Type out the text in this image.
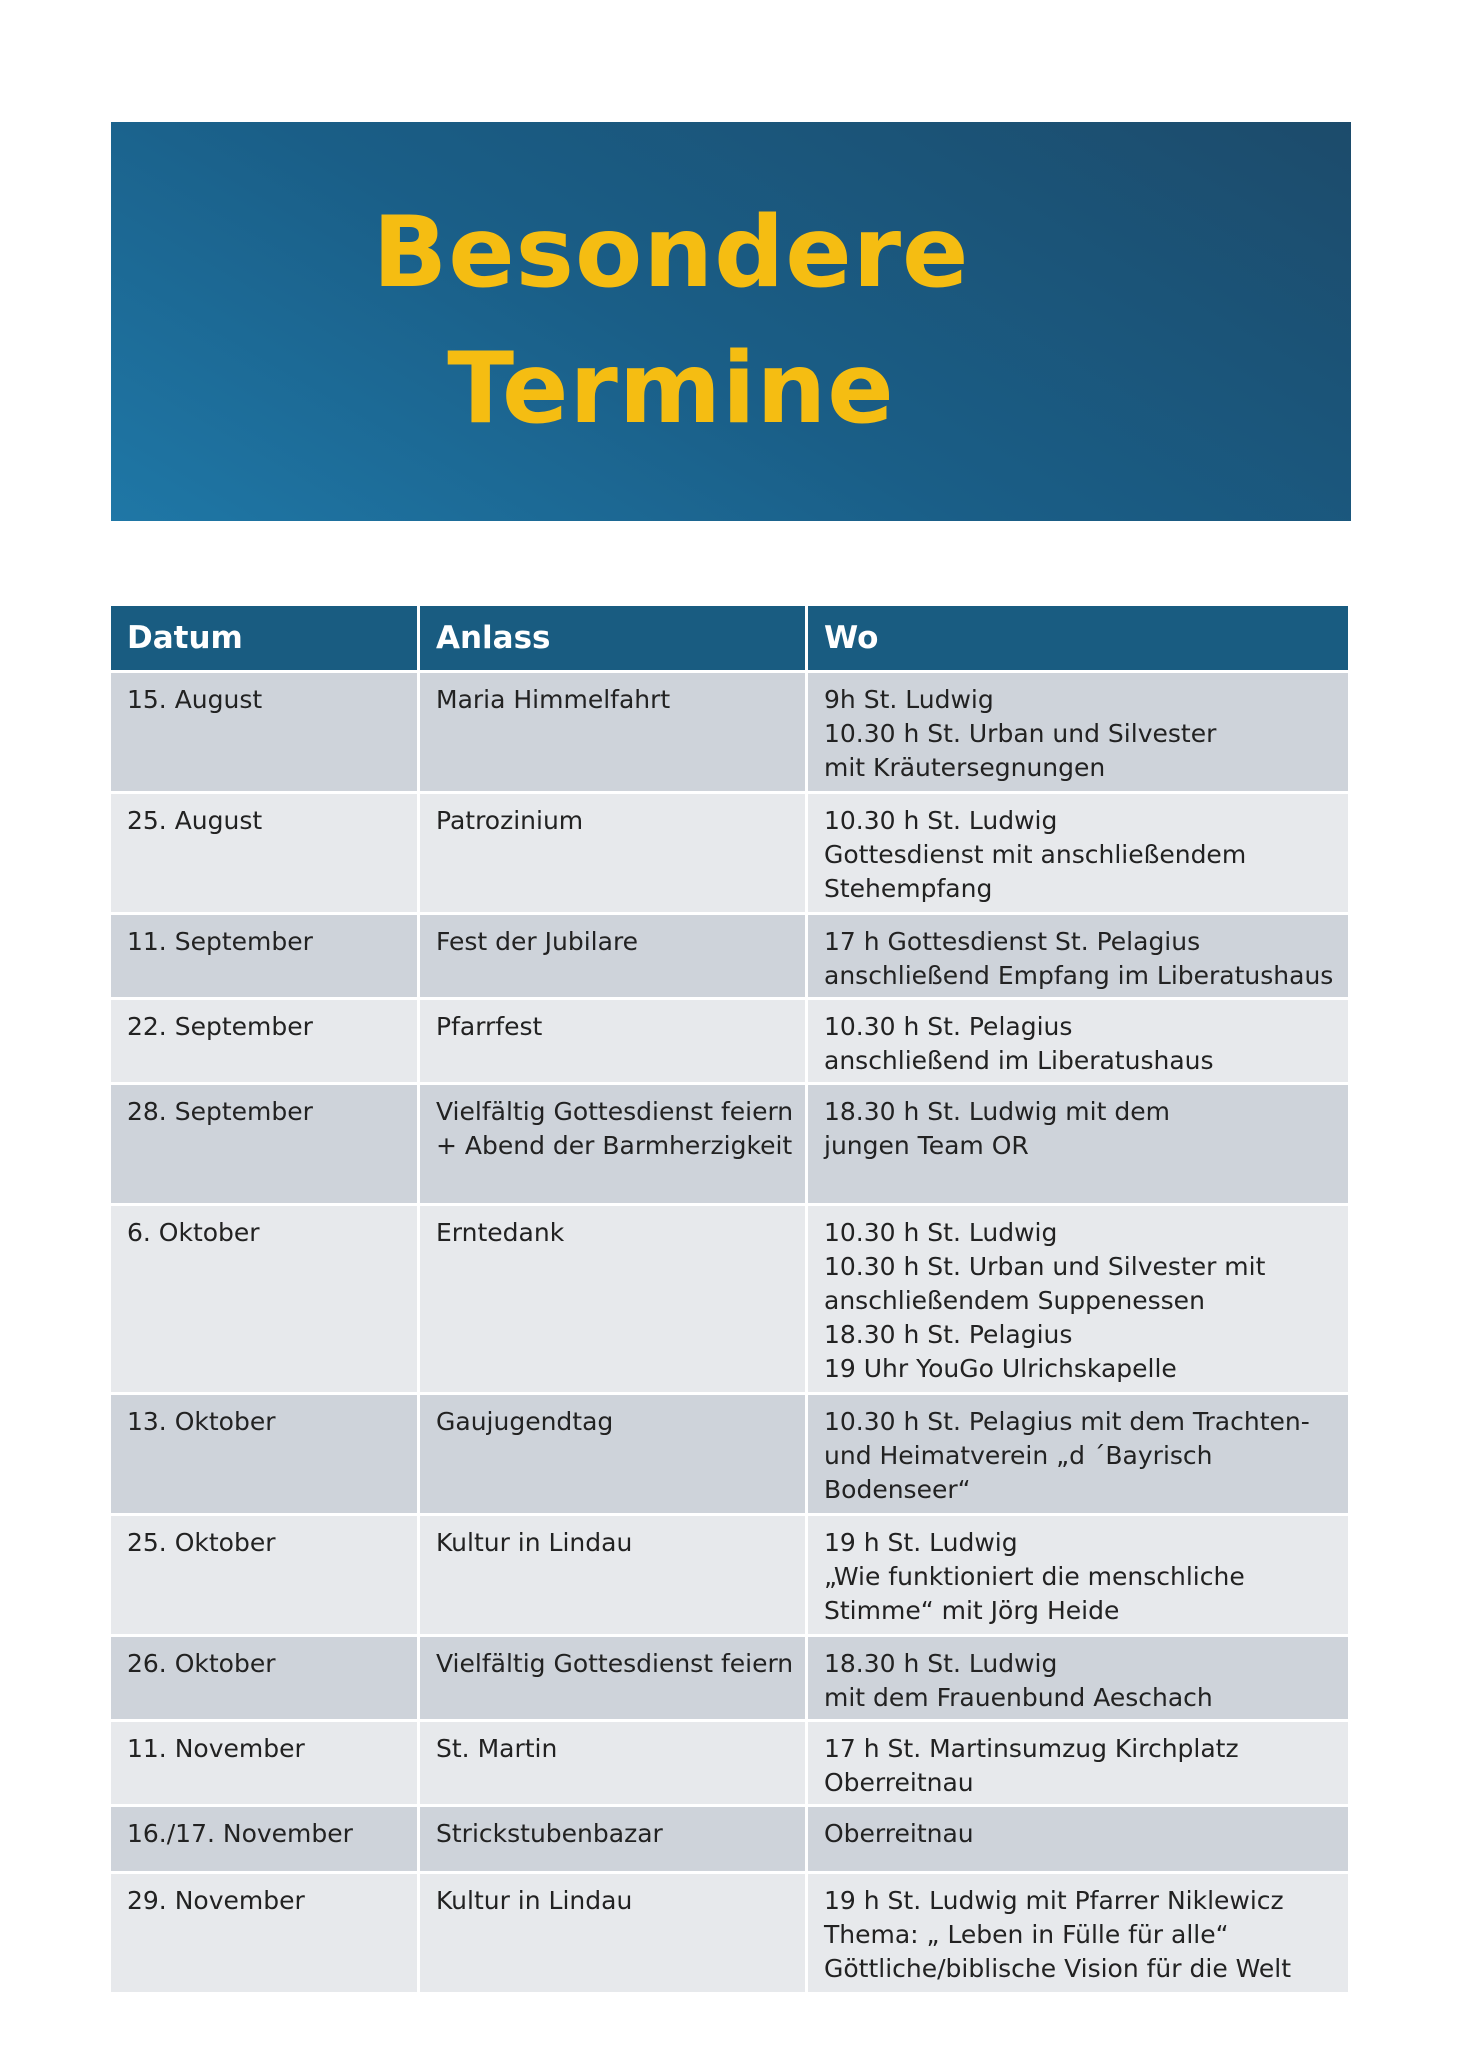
Besondere
Termine
Datum	Anlass	Wo
15. August	Maria Himmelfahrt	9h St. Ludwig
10.30 h St. Urban und Silvester
mit Kräutersegnungen

25. August	Patrozinium	10.30 h St. Ludwig
Gottesdienst mit anschließendem
Stehempfang

11. September	Fest der Jubilare	17 h Gottesdienst St. Pelagius
anschließend Empfang im Liberatushaus

22. September	Pfarrfest	10.30 h St. Pelagius
anschließend im Liberatushaus

28. September	Vielfältig Gottesdienst feiern
+ Abend der Barmherzigkeit	18.30 h St. Ludwig mit dem
jungen Team OR

6. Oktober	Erntedank	10.30 h St. Ludwig
10.30 h St. Urban und Silvester mit
anschließendem Suppenessen
18.30 h St. Pelagius
19 Uhr YouGo Ulrichskapelle

13. Oktober	Gaujugendtag	10.30 h St. Pelagius mit dem Trachten-
und Heimatverein „d ´Bayrisch
Bodenseer“

25. Oktober	Kultur in Lindau	19 h St. Ludwig
„Wie funktioniert die menschliche
Stimme“ mit Jörg Heide

26. Oktober	Vielfältig Gottesdienst feiern	18.30 h St. Ludwig
mit dem Frauenbund Aeschach

11. November	St. Martin	17 h St. Martinsumzug Kirchplatz
Oberreitnau

16./17. November	Strickstubenbazar	Oberreitnau

29. November	Kultur in Lindau	19 h St. Ludwig mit Pfarrer Niklewicz
Thema: „ Leben in Fülle für alle“
Göttliche/biblische Vision für die Welt
